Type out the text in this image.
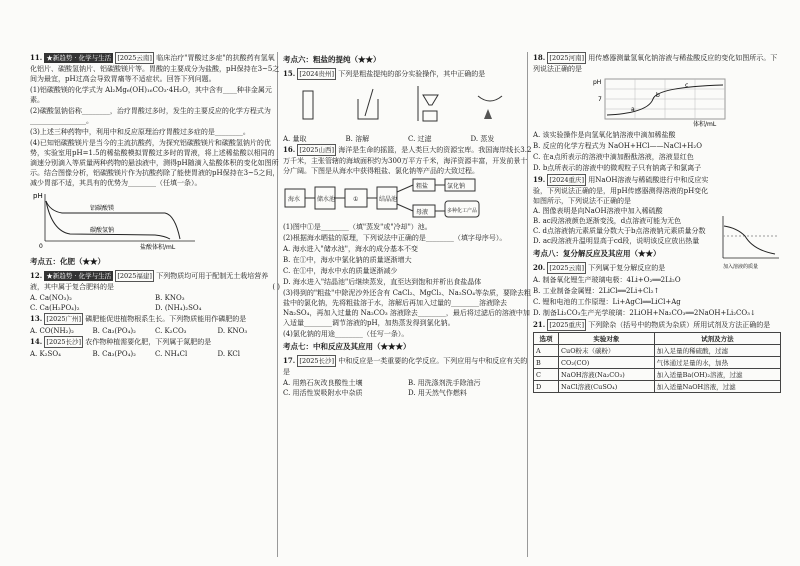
11. ★新趋势 · 化学与生活 [2025云南] 临床治疗"胃酸过多症"的抗酸药有氢氧化铝片、碳酸氢钠片、铝碳酸镁片等。胃酸的主要成分为盐酸，pH保持在3~5之间为最宜，pH过高会导致胃痛等不适症状。回答下列问题。
(1)铝碳酸镁的化学式为 Al₂Mg₆(OH)₁₆CO₃·4H₂O，其中含有____种非金属元素。
(2)碳酸氢钠俗称________，治疗胃酸过多时，发生的主要反应的化学方程式为________________。
(3)上述三种药物中，利用中和反应原理治疗胃酸过多症的是________。
(4)已知铝碳酸镁片是当今的主流抗酸药，为探究铝碳酸镁片和碳酸氢钠片的优势，实验室用pH=1.5的稀盐酸模拟胃酸过多时的胃液，将上述稀盐酸以相同的滴速分别滴入等质量两种药物的悬浊液中，测得pH随滴入盐酸体积的变化如图所示。结合图像分析，铝碳酸镁片作为抗酸药除了能使胃液的pH保持在3~5之间，减少胃部不适，其具有的优势为________（任填一条）。
pH
0	盐酸体积/mL
铝碳酸镁
碳酸氢钠
考点五：化肥（★★）
12. ★新趋势 · 化学与生活 [2025福建] 下列物质均可用于配制无土栽培营养液，其中属于复合肥料的是	( )
A. Ca(NO₃)₂	B. KNO₃
C. Ca(H₂PO₄)₂	D. (NH₄)₂SO₄
13. [2025广州] 磷肥能促进植物根系生长。下列物质能用作磷肥的是
A. CO(NH₂)₂	B. Ca₃(PO₄)₂	C. K₂CO₃	D. KNO₃
14. [2025长沙] 农作物种植需要化肥，下列属于氮肥的是
A. K₂SO₄	B. Ca₃(PO₄)₂	C. NH₄Cl	D. KCl
考点六：粗盐的提纯（★★）
15. [2024贵州] 下列是粗盐提纯的部分实验操作，其中正确的是
A. 量取	B. 溶解	C. 过滤	D. 蒸发
16. [2025山西] 海洋是生命的摇篮，是人类巨大的资源宝库。我国海岸线长3.2万千米，主张管辖的海域面积约为300万平方千米，海洋资源丰富，开发前景十分广阔。下图是从海水中获得粗盐、氯化钠等产品的大致过程。
海水	储水池	①	结晶池
粗盐	氯化钠
母液	多种化工产品
(1)图中①是________（填"蒸发"或"冷却"）池。
(2)根据海水晒盐的原理，下列说法中正确的是________（填字母序号）。
A. 海水进入"储水池"，海水的成分基本不变
B. 在①中，海水中氯化钠的质量逐渐增大
C. 在①中，海水中水的质量逐渐减少
D. 海水进入"结晶池"后继续蒸发，直至达到饱和并析出食盐晶体
(3)得到的"粗盐"中除泥沙外还含有 CaCl₂、MgCl₂、Na₂SO₄等杂质，要除去粗盐中的氯化钠，先将粗盐溶于水，溶解后再加入过量的________溶液除去 Na₂SO₄，再加入过量的 Na₂CO₃ 溶液除去________，最后将过滤后的溶液中加入适量________调节溶液的pH，加热蒸发得到氯化钠。
(4)氯化钠的用途________（任写一条）。
考点七：中和反应及其应用（★★★）
17. [2025长沙] 中和反应是一类重要的化学反应。下列应用与中和反应有关的是
A. 用熟石灰改良酸性土壤	B. 用洗涤剂洗手除油污
C. 用活性炭吸附水中杂质	D. 用天然气作燃料
18. [2025河南] 用传感器测量氢氧化钠溶液与稀盐酸反应的变化如图所示。下列说法正确的是
pH
7
体积/mL
a
b
c
A. 该实验操作是向氢氧化钠溶液中滴加稀盐酸
B. 反应的化学方程式为 NaOH+HCl——NaCl+H₂O
C. 在a点所表示的溶液中滴加酚酞溶液，溶液显红色
D. b点所表示的溶液中的微观粒子只有钠离子和氯离子
19. [2024重庆] 用NaOH溶液与稀硫酸进行中和反应实验，下列说法正确的是，用pH传感器测得溶液的pH变化如图所示，下列说法不正确的是
A. 图像表明是向NaOH溶液中加入稀硫酸
B. ac段溶液颜色逐渐变浅，d点溶液可能为无色
C. d点溶液钠元素质量分数大于b点溶液钠元素质量分数
D. ac段溶液升温明显高于cd段，说明该反应放出热量
加入溶液的质量
考点八：复分解反应及其应用（★★）
20. [2025云南] 下列属于复分解反应的是
A. 制备氧化锂生产玻璃电极：4Li+O₂══2Li₂O
B. 工业制备金属锂：2LiCl══2Li+Cl₂↑
C. 锂和电池的工作原理：Li+AgCl══LiCl+Ag
D. 制备Li₂CO₃生产光学玻璃：2LiOH+Na₂CO₃══2NaOH+Li₂CO₃↓
21. [2025重庆] 下列除杂（括号中的物质为杂质）所用试剂及方法正确的是
选项	实验对象	试剂及方法
A	CuO粉末（碳粉）	加入足量的稀硫酸，过滤
B	CO₂(CO)	气体通过足量的水，加热
C	NaOH溶液(Na₂CO₃)	加入适量Ba(OH)₂溶液，过滤
D	NaCl溶液(CuSO₄)	加入适量NaOH溶液，过滤
